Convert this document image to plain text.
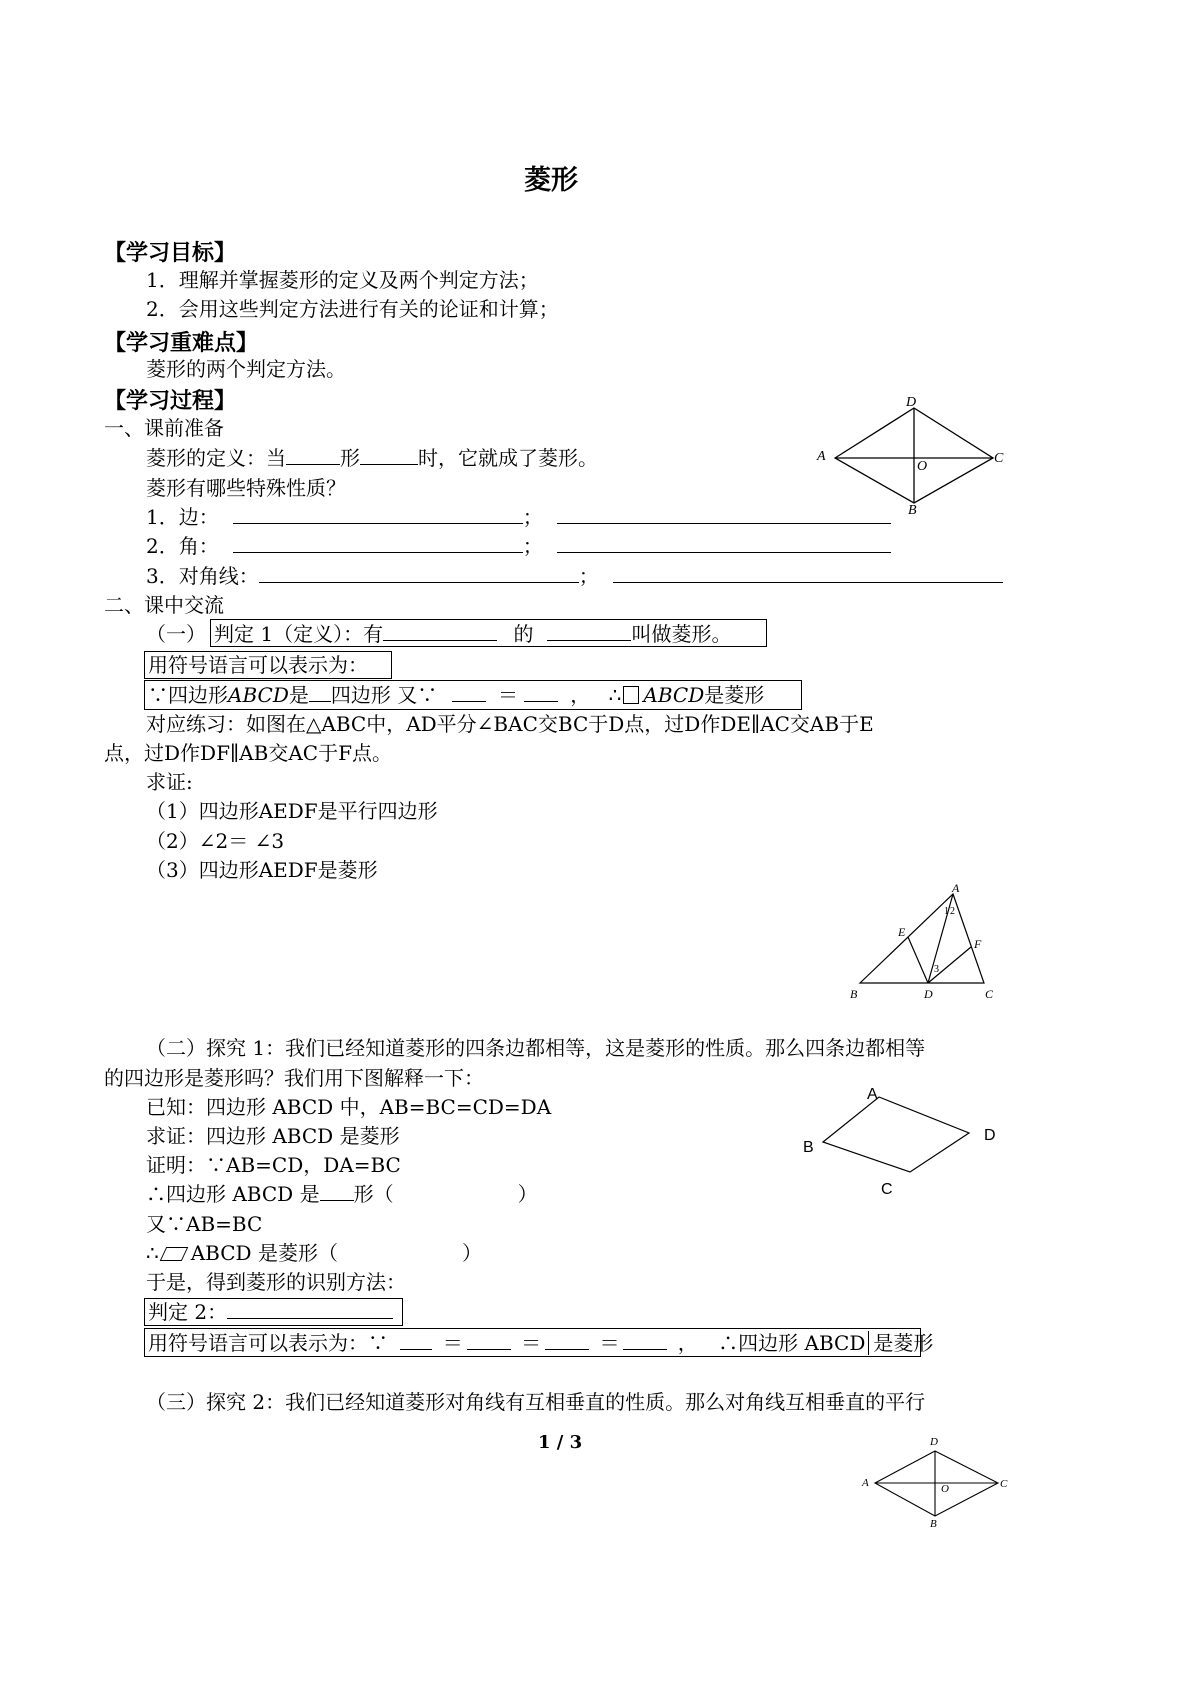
菱形
【学习目标】
1．理解并掌握菱形的定义及两个判定方法；
2．会用这些判定方法进行有关的论证和计算；
【学习重难点】
菱形的两个判定方法。
【学习过程】
一、课前准备
菱形的定义：当	形	时，它就成了菱形。
菱形有哪些特殊性质？
1．边：	；
2．角：	；
3．对角线：	；
二、课中交流
（一） 判定 1（定义）：有	的	叫做菱形。
用符号语言可以表示为：
∵四边形ABCD是 四边形 又∵	＝	， ∴ ABCD是菱形
对应练习：如图在△ABC中，AD平分∠BAC交BC于D点，过D作DE∥AC交AB于E
点，过D作DF∥AB交AC于F点。
求证:
（1）四边形AEDF是平行四边形
（2）∠2＝ ∠3
（3）四边形AEDF是菱形
（二）探究 1：我们已经知道菱形的四条边都相等，这是菱形的性质。那么四条边都相等
的四边形是菱形吗？我们用下图解释一下：
已知：四边形 ABCD 中，AB=BC=CD=DA
求证：四边形 ABCD 是菱形
证明：∵AB=CD，DA=BC
∴四边形 ABCD 是 形（	）
又∵AB=BC
∴ ABCD 是菱形（	）
于是，得到菱形的识别方法：
判定 2：
用符号语言可以表示为：∵	＝	＝	＝	， ∴四边形 ABCD 是菱形
（三）探究 2：我们已经知道菱形对角线有互相垂直的性质。那么对角线互相垂直的平行
1 / 3
D
A	C
O
B
A
E
F
B	D	C
1 2
3
A
B
D
C
D
A	C
O
B
